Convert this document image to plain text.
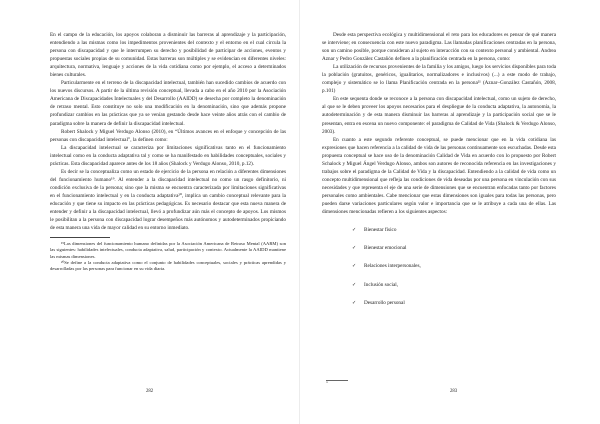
En el campo de la educación, los apoyos colaboran a disminuir las barreras al aprendizaje y la participación, entendiendo a las mismas como los impedimentos provenientes del contexto y el entorno en el cual circula la persona con discapacidad y que le interrumpen su derecho y posibilidad de participar de acciones, eventos y propuestas sociales propias de su comunidad. Estas barreras son múltiples y se evidencian en diferentes niveles: arquitectura, normativa, lenguaje y acciones de la vida cotidiana como por ejemplo, el acceso a determinados bienes culturales.

Particularmente en el terreno de la discapacidad intelectual, también han sucedido cambios de acuerdo con los nuevos discursos. A partir de la última revisión conceptual, llevada a cabo en el año 2010 por la Asociación Americana de Discapacidades Intelectuales y del Desarrollo (AAIDD) se desecha por completo la denominación de retraso mental. Esto constituye no solo una modificación en la denominación, sino que además propone profundizar cambios en las prácticas que ya se venían gestando desde hace veinte años atrás con el cambio de paradigma sobre la manera de definir la discapacidad intelectual.

Robert Shalock y Miguel Verdugo Alonso (2010), en “Últimos avances en el enfoque y concepción de las personas con discapacidad intelectual”, la definen como:

La discapacidad intelectual se caracteriza por limitaciones significativas tanto en el funcionamiento intelectual como en la conducta adaptativa tal y como se ha manifestado en habilidades conceptuales, sociales y prácticas. Esta discapacidad aparece antes de los 18 años (Shalock y Verdugo Alonso, 2010, p.12).

Es decir se la conceptualiza como un estado de ejercicio de la persona en relación a diferentes dimensiones del funcionamiento humano¹⁹. Al entender a la discapacidad intelectual no como un rasgo definitorio, ni condición exclusiva de la persona; sino que la misma se encuentra caracterizada por limitaciones significativas en el funcionamiento intelectual y en la conducta adaptativa²⁰, implica un cambio conceptual relevante para la educación y que tiene su impacto en las prácticas pedagógicas. Es necesario destacar que esta nueva manera de entender y definir a la discapacidad intelectual, llevó a profundizar aún más el concepto de apoyos. Los mismos le posibilitan a la persona con discapacidad lograr desempeños más autónomos y autodeterminados propiciando de esta manera una vida de mayor calidad en su entorno inmediato.

¹⁹Las dimensiones del funcionamiento humano definidas por la Asociación Americana de Retraso Mental (AARM) son las siguientes: habilidades intelectuales, conducta adaptativa, salud, participación y contexto. Actualmente la AAIDD mantiene las mismas dimensiones.

²⁰Se define a la conducta adaptativa como el conjunto de habilidades conceptuales, sociales y prácticas aprendidas y desarrolladas por las personas para funcionar en su vida diaria.

Desde esta perspectiva ecológica y multidimensional el reto para los educadores es pensar de qué manera se interviene; en consecuencia con este nuevo paradigma. Las llamadas planificaciones centradas en la persona, son un camino posible, porque consideran al sujeto en interacción con su contexto personal y ambiental. Andrea Aznar y Pedro González Castañón definen a la planificación centrada en la persona, como:

La utilización de recursos provenientes de la familia y los amigos, luego los servicios disponibles para toda la población (gratuitos, genéricos, igualitarios, normalizadores e inclusivos) (...) a este modo de trabajo, complejo y sistemático se lo llama Planificación centrada en la persona²¹ (Aznar–González Castañón, 2008, p.101)

En este sequenta donde se reconoce a la persona con discapacidad intelectual, como un sujeto de derecho, al que se le deben proveer los apoyos necesarios para el despliegue de la conducta adaptativa, la autonomía, la autodeterminación y de esta manera disminuir las barreras al aprendizaje y la participación social que se le presentan, entra en escena un nuevo componente: el paradigma de Calidad de Vida (Shalock & Verdugo Alonso, 2003).

En cuanto a este segundo referente conceptual, se puede mencionar que en la vida cotidiana las expresiones que hacen referencia a la calidad de vida de las personas continuamente son escuchadas. Desde esta propuesta conceptual se hace uso de la denominación Calidad de Vida en acuerdo con lo propuesto por Robert Schalock y Miguel Ángel Verdugo Alonso, ambos son autores de reconocida referencia en las investigaciones y trabajos sobre el paradigma de la Calidad de Vida y la discapacidad. Entendiendo a la calidad de vida como un concepto multidimensional que refleja las condiciones de vida deseadas por una persona en vinculación con sus necesidades y que representa el eje de una serie de dimensiones que se encuentran enfocadas tanto por factores personales como ambientales. Cabe mencionar que estas dimensiones son iguales para todas las personas, pero pueden darse variaciones particulares según valor e importancia que se le atribuye a cada una de ellas. Las dimensiones mencionadas refieren a los siguientes aspectos:

✓ Bienestar físico
✓ Bienestar emocional
✓ Relaciones interpersonales,
✓ Inclusión social,
✓ Desarrollo personal
²¹
282	283
